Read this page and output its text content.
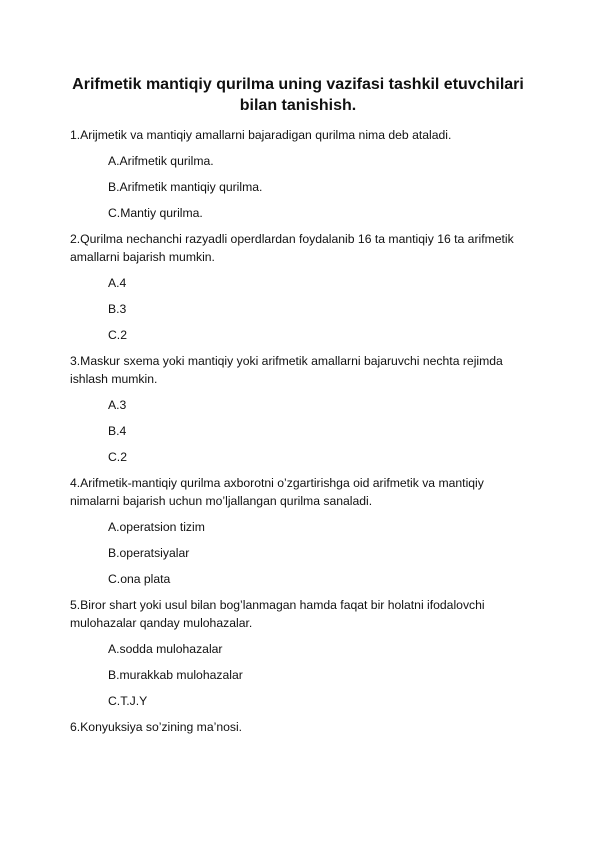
Arifmetik mantiqiy qurilma uning vazifasi tashkil etuvchilari bilan tanishish.
1.Arijmetik va mantiqiy amallarni bajaradigan qurilma nima deb ataladi.
A.Arifmetik qurilma.
B.Arifmetik mantiqiy qurilma.
C.Mantiy qurilma.
2.Qurilma nechanchi razyadli operdlardan foydalanib 16 ta mantiqiy 16 ta arifmetik amallarni bajarish mumkin.
A.4
B.3
C.2
3.Maskur sxema yoki mantiqiy yoki arifmetik amallarni bajaruvchi nechta rejimda ishlash mumkin.
A.3
B.4
C.2
4.Arifmetik-mantiqiy qurilma axborotni o’zgartirishga oid arifmetik va mantiqiy nimalarni bajarish uchun mo’ljallangan qurilma sanaladi.
A.operatsion tizim
B.operatsiyalar
C.ona plata
5.Biror shart yoki usul bilan bog’lanmagan hamda faqat bir holatni ifodalovchi mulohazalar qanday mulohazalar.
A.sodda mulohazalar
B.murakkab mulohazalar
C.T.J.Y
6.Konyuksiya so’zining ma’nosi.
